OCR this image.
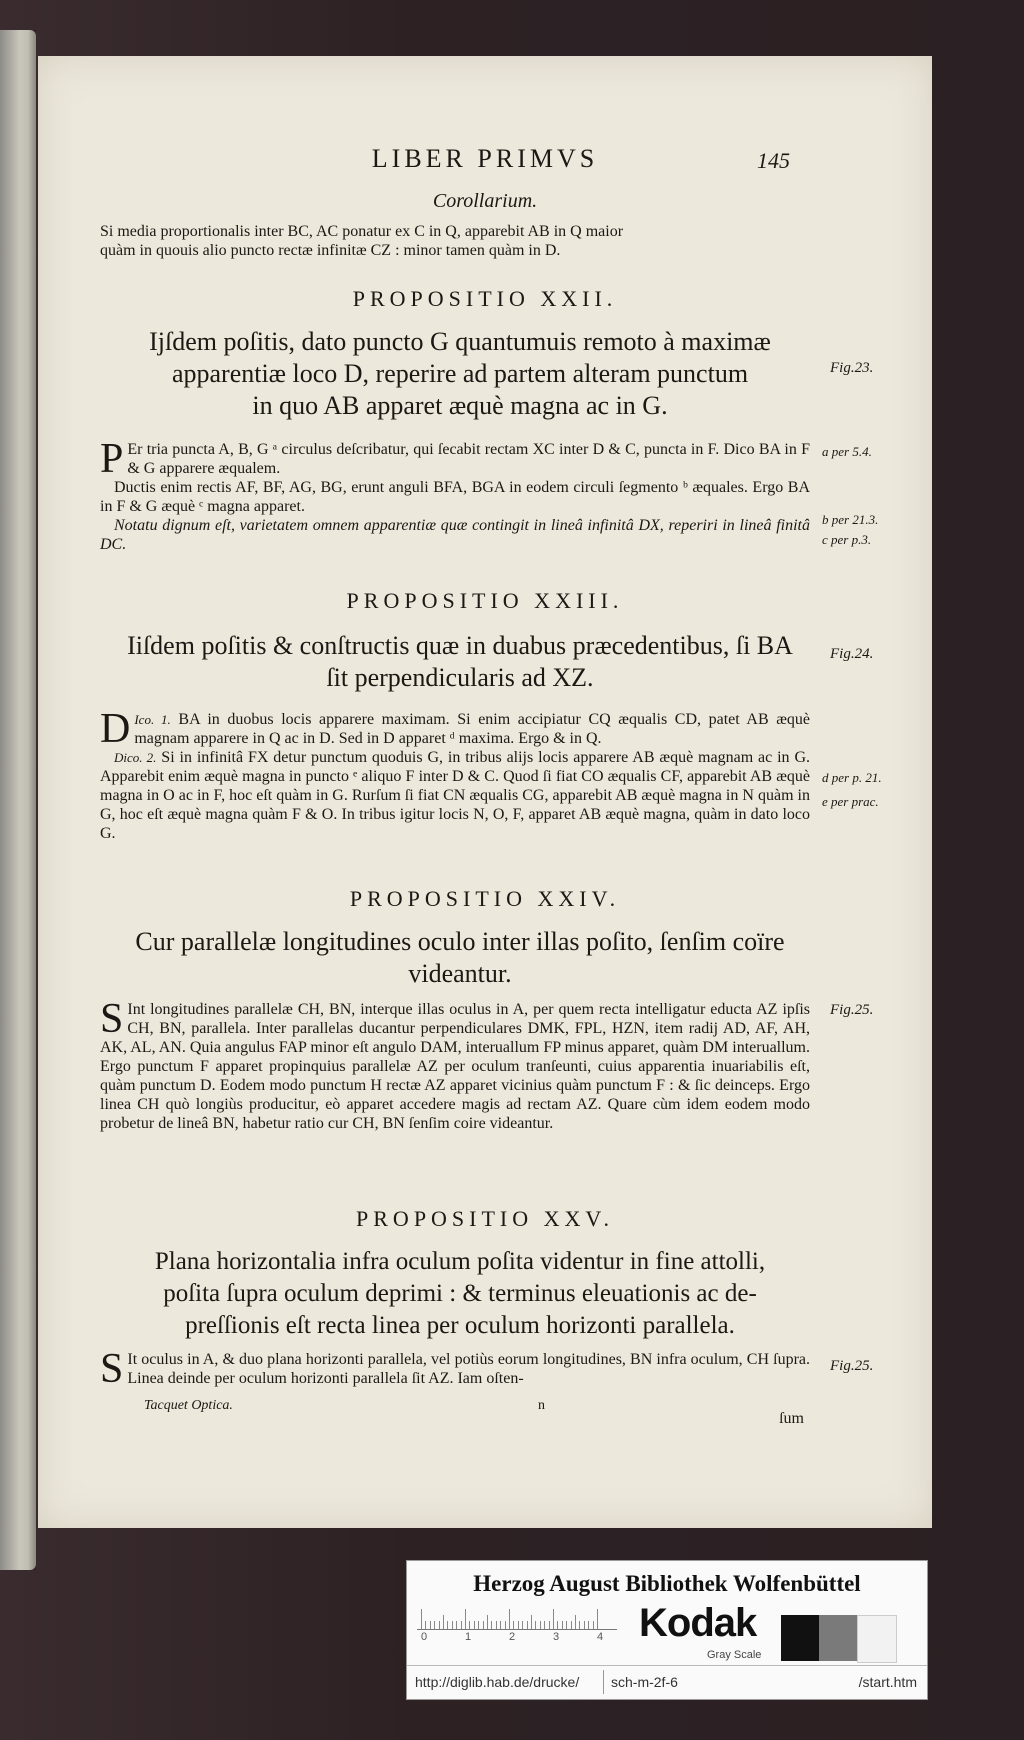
LIBER PRIMVS	145
Corollarium.

Si media proportionalis inter BC, AC ponatur ex C in Q, apparebit AB in Q maior

quàm in quouis alio puncto rectæ infinitæ CZ : minor tamen quàm in D.

PROPOSITIO XXII.
Ijſdem poſitis, dato puncto G quantumuis remoto à maximæ
apparentiæ loco D, reperire ad partem alteram punctum
in quo AB apparet æquè magna ac in G.
Fig.23.

P Er tria puncta A, B, G ᵃ circulus deſcribatur, qui ſecabit rectam XC inter D & C, puncta in F. Dico BA in F & G apparere æqualem.

Ductis enim rectis AF, BF, AG, BG, erunt anguli BFA, BGA in eodem circuli ſegmento ᵇ æquales. Ergo BA in F & G æquè ᶜ magna apparet.

Notatu dignum eſt, varietatem omnem apparentiæ quæ contingit in lineâ infinitâ DX, reperiri in lineâ finitâ DC.

a per 5.4.
b per 21.3.
c per p.3.
PROPOSITIO XXIII.
Iiſdem poſitis & conſtructis quæ in duabus præcedentibus, ſi BA
ſit perpendicularis ad XZ.
Fig.24.

D Ico. 1. BA in duobus locis apparere maximam. Si enim accipiatur CQ æqualis CD, patet AB æquè magnam apparere in Q ac in D. Sed in D apparet ᵈ maxima. Ergo & in Q.

Dico. 2. Si in infinitâ FX detur punctum quoduis G, in tribus alijs locis apparere AB æquè magnam ac in G. Apparebit enim æquè magna in puncto ᵉ aliquo F inter D & C. Quod ſi fiat CO æqualis CF, apparebit AB æquè magna in O ac in F, hoc eſt quàm in G. Rurſum ſi fiat CN æqualis CG, apparebit AB æquè magna in N quàm in G, hoc eſt æquè magna quàm F & O. In tribus igitur locis N, O, F, apparet AB æquè magna, quàm in dato loco G.

d per p. 21.
e per prac.
PROPOSITIO XXIV.
Cur parallelæ longitudines oculo inter illas poſito, ſenſim coïre
videantur.
Fig.25.

S Int longitudines parallelæ CH, BN, interque illas oculus in A, per quem recta intelligatur educta AZ ipſis CH, BN, parallela. Inter parallelas ducantur perpendiculares DMK, FPL, HZN, item radij AD, AF, AH, AK, AL, AN. Quia angulus FAP minor eſt angulo DAM, interuallum FP minus apparet, quàm DM interuallum. Ergo punctum F apparet propinquius parallelæ AZ per oculum tranſeunti, cuius apparentia inuariabilis eſt, quàm punctum D. Eodem modo punctum H rectæ AZ apparet vicinius quàm punctum F : & ſic deinceps. Ergo linea CH quò longiùs producitur, eò apparet accedere magis ad rectam AZ. Quare cùm idem eodem modo probetur de lineâ BN, habetur ratio cur CH, BN ſenſim coire videantur.

PROPOSITIO XXV.
Plana horizontalia infra oculum poſita videntur in fine attolli,
poſita ſupra oculum deprimi : & terminus eleuationis ac de-
preſſionis eſt recta linea per oculum horizonti parallela.
Fig.25.

S It oculus in A, & duo plana horizonti parallela, vel potiùs eorum longitudines, BN infra oculum, CH ſupra. Linea deinde per oculum horizonti parallela ſit AZ. Iam oſten-

Tacquet Optica.	n
ſum
Herzog August Bibliothek Wolfenbüttel
0	1	2	3	4 Kodak
Gray Scale
http://diglib.hab.de/drucke/ sch-m-2f-6	/start.htm
